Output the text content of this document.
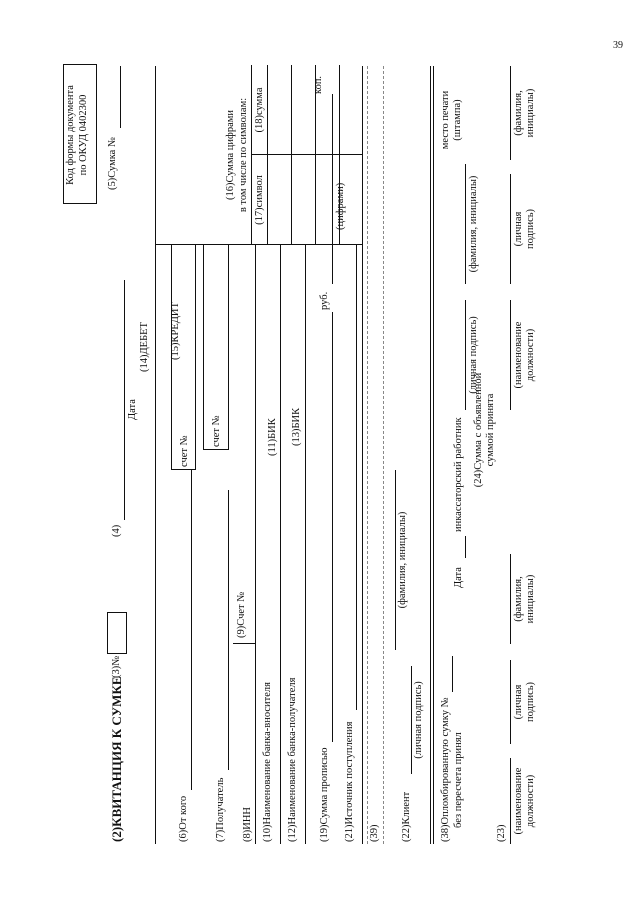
39
Код формы документа по ОКУД 0402300 (5)Сумка №
(2)КВИТАНЦИЯ К СУМКЕ
(3)№
(4)
Дата
(14)ДЕБЕТ (15)КРЕДИТ
(6)От кого
счет №
(7)Получатель
счет №
(8)ИНН
(9)Счет №
(10)Наименование банка-вносителя
(11)БИК
(12)Наименование банка-получателя
(13)БИК
(19)Сумма прописью
руб.
(цифрами)
коп.
(21)Источник поступления
(16)Сумма цифрами в том числе по символам: (17)символ
(18)сумма
(39) (22)Клиент
(личная подпись)
(фамилия, инициалы)
(38)Опломбированную сумку № без пересчета принял
Дата
инкассаторский работник
(личная подпись)
(фамилия, инициалы)
место печати (штампа)
(23) (наименование должности)
(личная подпись)
(фамилия, инициалы)
(24)Сумма с объявленной суммой принята
(наименование должности)
(личная подпись)
(фамилия, инициалы)
